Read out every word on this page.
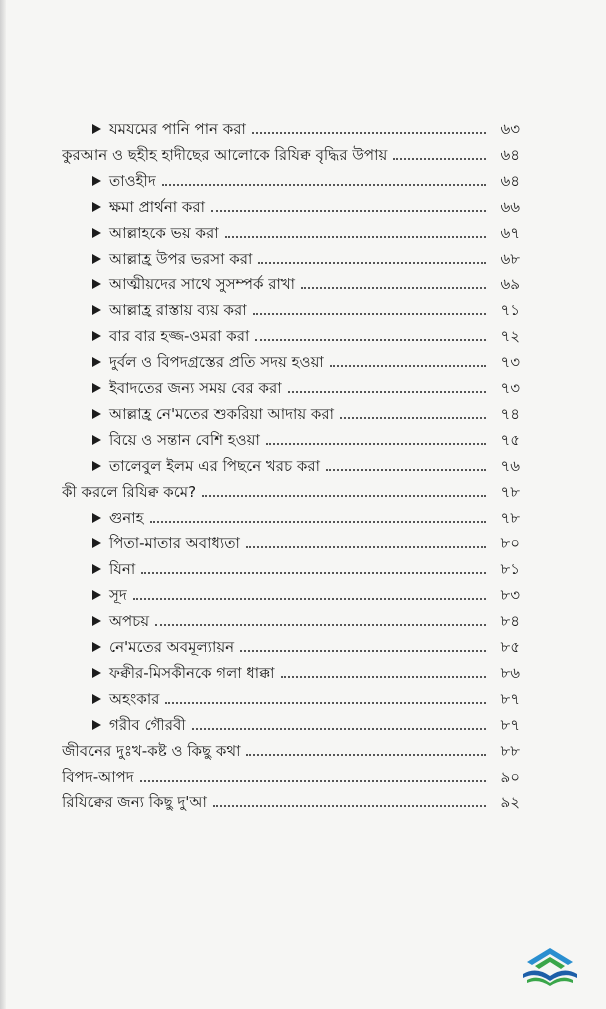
যমযমের পানি পান করা	৬৩
কুরআন ও ছহীহ হাদীছের আলোকে রিযিক্ব বৃদ্ধির উপায়	৬৪
তাওহীদ	৬৪
ক্ষমা প্রার্থনা করা	৬৬
আল্লাহকে ভয় করা	৬৭
আল্লাহ্র উপর ভরসা করা	৬৮
আত্মীয়দের সাথে সুসম্পর্ক রাখা	৬৯
আল্লাহ্র রাস্তায় ব্যয় করা	৭১
বার বার হজ্জ-ওমরা করা	৭২
দুর্বল ও বিপদগ্রস্তের প্রতি সদয় হওয়া	৭৩
ইবাদতের জন্য সময় বের করা	৭৩
আল্লাহ্র নে'মতের শুকরিয়া আদায় করা	৭৪
বিয়ে ও সন্তান বেশি হওয়া	৭৫
তালেবুল ইলম এর পিছনে খরচ করা	৭৬
কী করলে রিযিক্ব কমে?	৭৮
গুনাহ	৭৮
পিতা-মাতার অবাধ্যতা	৮০
যিনা	৮১
সূদ	৮৩
অপচয়	৮৪
নে'মতের অবমূল্যায়ন	৮৫
ফক্বীর-মিসকীনকে গলা ধাক্কা	৮৬
অহংকার	৮৭
গরীব গৌরবী	৮৭
জীবনের দুঃখ-কষ্ট ও কিছু কথা	৮৮
বিপদ-আপদ	৯০
রিযিক্বের জন্য কিছু দু'আ	৯২
